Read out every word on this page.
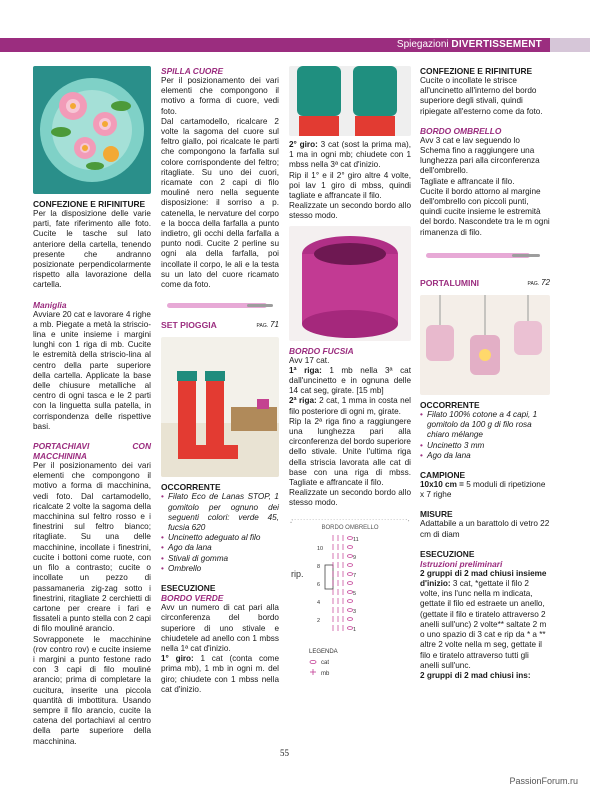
Spiegazioni DIVERTISSEMENT

CONFEZIONE E RIFINITURE

Per la disposizione delle varie parti, fate riferimento alle foto. Cucite le tasche sul lato anteriore della cartella, tenendo presente che andranno posizionate perpendicolarmente rispetto alla lavorazione della cartella.

Maniglia

Avviare 20 cat e lavorare 4 righe a mb. Piegate a metà la striscio-lina e unite insieme i margini lunghi con 1 riga di mb. Cucite le estremità della striscio-lina al centro della parte superiore della cartella. Applicate la base delle chiusure metalliche al centro di ogni tasca e le 2 parti con la linguetta sulla patella, in corrispondenza delle rispettive basi.

PORTACHIAVI CON MACCHININA

Per il posizionamento dei vari elementi che compongono il motivo a forma di macchinina, vedi foto. Dal cartamodello, ricalcate 2 volte la sagoma della macchinina sul feltro rosso e i finestrini sul feltro bianco; ritagliate. Su una delle macchinine, incollate i finestrini, cucite i bottoni come ruote, con un filo a contrasto; cucite o incollate un pezzo di passamaneria zig-zag sotto i finestrini, ritagliate 2 cerchietti di cartone per creare i fari e fissateli a punto stella con 2 capi di filo mouliné arancio.

Sovrapponete le macchinine (rov contro rov) e cucite insieme i margini a punto festone rado con 3 capi di filo mouliné arancio; prima di completare la cucitura, inserite una piccola quantità di imbottitura. Usando sempre il filo arancio, cucite la catena del portachiavi al centro della parte superiore della macchinina.

SPILLA CUORE

Per il posizionamento dei vari elementi che compongono il motivo a forma di cuore, vedi foto.

Dal cartamodello, ricalcare 2 volte la sagoma del cuore sul feltro giallo, poi ricalcate le parti che compongono la farfalla sul colore corrispondente del feltro; ritagliate. Su uno dei cuori, ricamate con 2 capi di filo mouliné nero nella seguente disposizione: il sorriso a p. catenella, le nervature del corpo e la bocca della farfalla a punto indietro, gli occhi della farfalla a punto nodi. Cucite 2 perline su ogni ala della farfalla, poi incollate il corpo, le ali e la testa su un lato del cuore ricamato come da foto.

SET PIOGGIA	PAG. 71

OCCORRENTE

• Filato Eco de Lanas STOP, 1 gomitolo per ognuno dei seguenti colori: verde 45, fucsia 620
• Uncinetto adeguato al filo
• Ago da lana
• Stivali di gomma
• Ombrello

ESECUZIONE

BORDO VERDE

Avv un numero di cat pari alla circonferenza del bordo superiore di uno stivale e chiudetele ad anello con 1 mbss nella 1ª cat d'inizio.

1° giro: 1 cat (conta come prima mb), 1 mb in ogni m. del giro; chiudete con 1 mbss nella cat d'inizio.

2° giro: 3 cat (sost la prima ma), 1 ma in ogni mb; chiudete con 1 mbss nella 3ª cat d'inizio.

Rip il 1° e il 2° giro altre 4 volte, poi lav 1 giro di mbss, quindi tagliate e affrancate il filo.

Realizzate un secondo bordo allo stesso modo.

BORDO FUCSIA

Avv 17 cat.

1ª riga: 1 mb nella 3ª cat dall'uncinetto e in ognuna delle 14 cat seg, girate. [15 mb]

2ª riga: 2 cat, 1 mma in costa nel filo posteriore di ogni m, girate.

Rip la 2ª riga fino a raggiungere una lunghezza pari alla circonferenza del bordo superiore dello stivale. Unite l'ultima riga della striscia lavorata alle cat di base con una riga di mbss. Tagliate e affrancate il filo.

Realizzate un secondo bordo allo stesso modo.

BORDO OMBRELLO
rip.
11
10
9
8
7
6
5
4
3
2
1
LEGENDA
cat
mb

CONFEZIONE E RIFINITURE

Cucite o incollate le strisce all'uncinetto all'interno del bordo superiore degli stivali, quindi ripiegate all'esterno come da foto.

BORDO OMBRELLO

Avv 3 cat e lav seguendo lo Schema fino a raggiungere una lunghezza pari alla circonferenza dell'ombrello.

Tagliate e affrancate il filo.

Cucite il bordo attorno al margine dell'ombrello con piccoli punti, quindi cucite insieme le estremità del bordo. Nascondete tra le m ogni rimanenza di filo.

PORTALUMINI	PAG. 72

OCCORRENTE

• Filato 100% cotone a 4 capi, 1 gomitolo da 100 g di filo rosa chiaro mélange
• Uncinetto 3 mm
• Ago da lana

CAMPIONE

10x10 cm = 5 moduli di ripetizione x 7 righe

MISURE

Adattabile a un barattolo di vetro 22 cm di diam

ESECUZIONE

Istruzioni preliminari

2 gruppi di 2 mad chiusi insieme d'inizio: 3 cat, *gettate il filo 2 volte, ins l'unc nella m indicata, gettate il filo ed estraete un anello, (gettate il filo e tiratelo attraverso 2 anelli sull'unc) 2 volte** saltate 2 m o uno spazio di 3 cat e rip da * a ** altre 2 volte nella m seg, gettate il filo e tiratelo attraverso tutti gli anelli sull'unc.

2 gruppi di 2 mad chiusi ins:

55
PassionForum.ru
